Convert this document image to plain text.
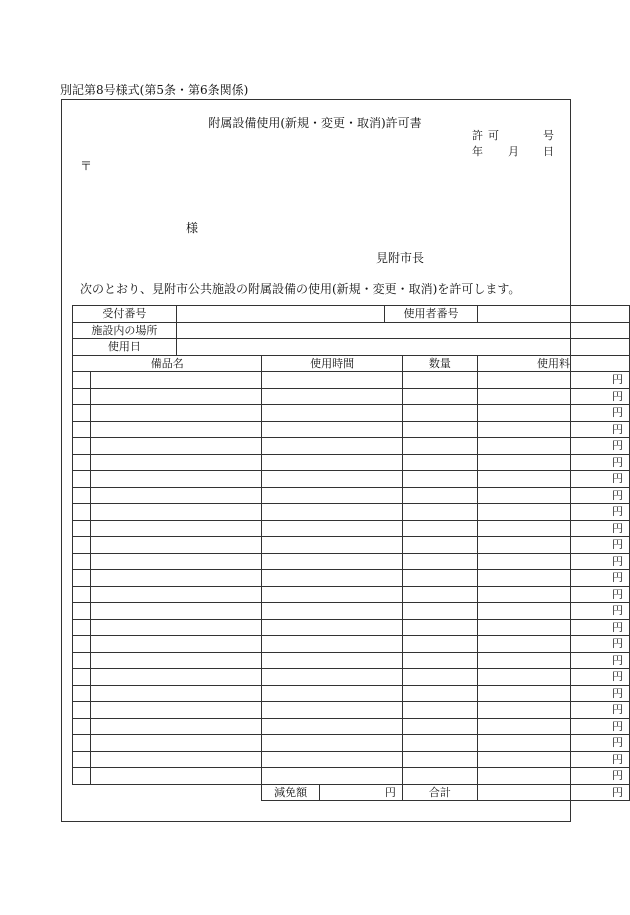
別記第8号様式(第5条・第6条関係)
附属設備使用(新規・変更・取消)許可書
許 可	号
年 月 日
〒
様
見附市長
次のとおり、見附市公共施設の附属設備の使用(新規・変更・取消)を許可します。
受付番号					使用者番号		
施設内の場所							
使用日							
備品名			使用時間			数量	使用料
							円
							円
							円
							円
							円
							円
							円
							円
							円
							円
							円
							円
							円
							円
							円
							円
							円
							円
							円
							円
							円
							円
							円
							円
							円
			減免額	円		合計	円
